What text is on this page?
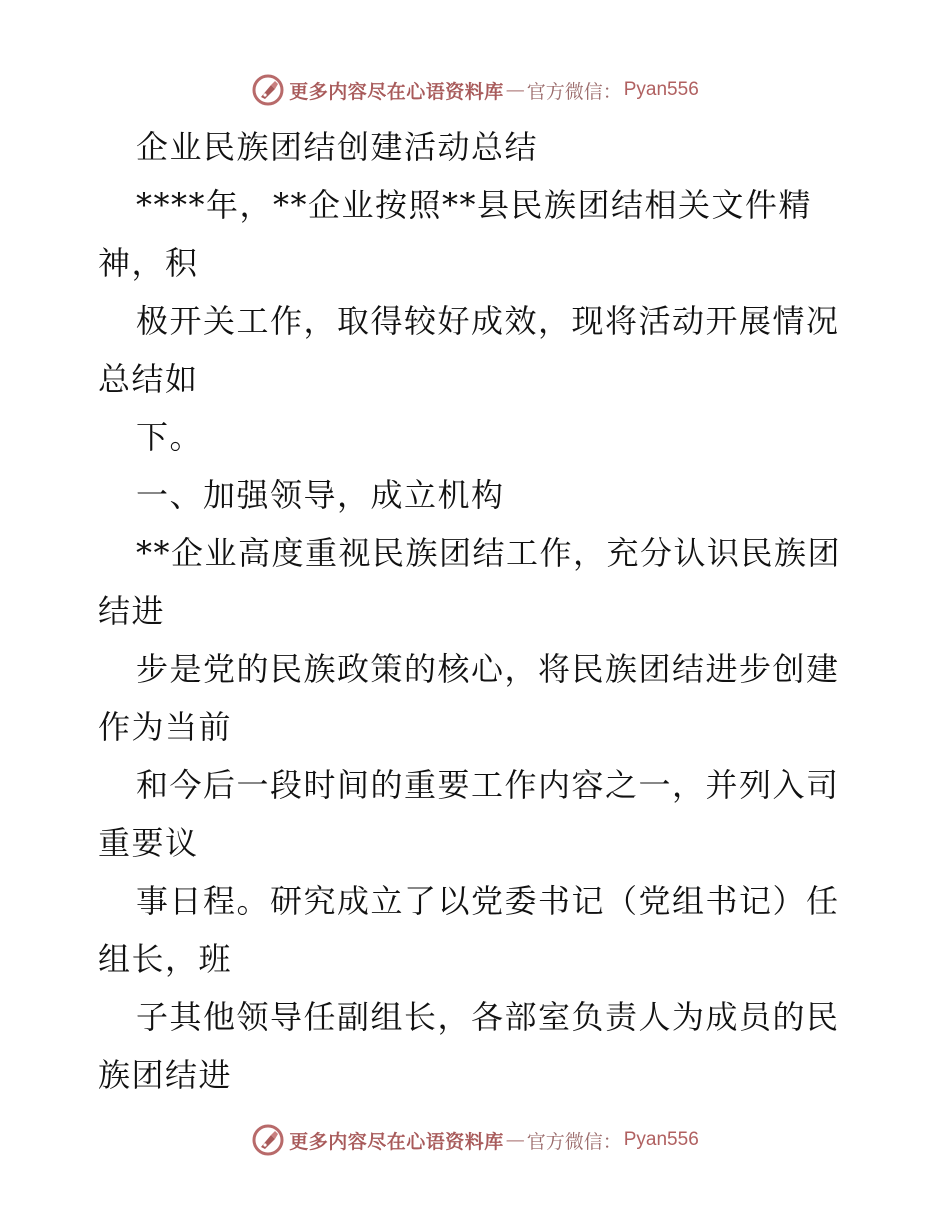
更多内容尽在心语资料库 — 官方微信： Pyan556
企业民族团结创建活动总结
****年，**企业按照**县民族团结相关文件精
神，积
极开关工作，取得较好成效，现将活动开展情况
总结如
下。
一、加强领导，成立机构
**企业高度重视民族团结工作，充分认识民族团
结进
步是党的民族政策的核心，将民族团结进步创建
作为当前
和今后一段时间的重要工作内容之一，并列入司
重要议
事日程。研究成立了以党委书记（党组书记）任
组长，班
子其他领导任副组长，各部室负责人为成员的民
族团结进
更多内容尽在心语资料库 — 官方微信： Pyan556
